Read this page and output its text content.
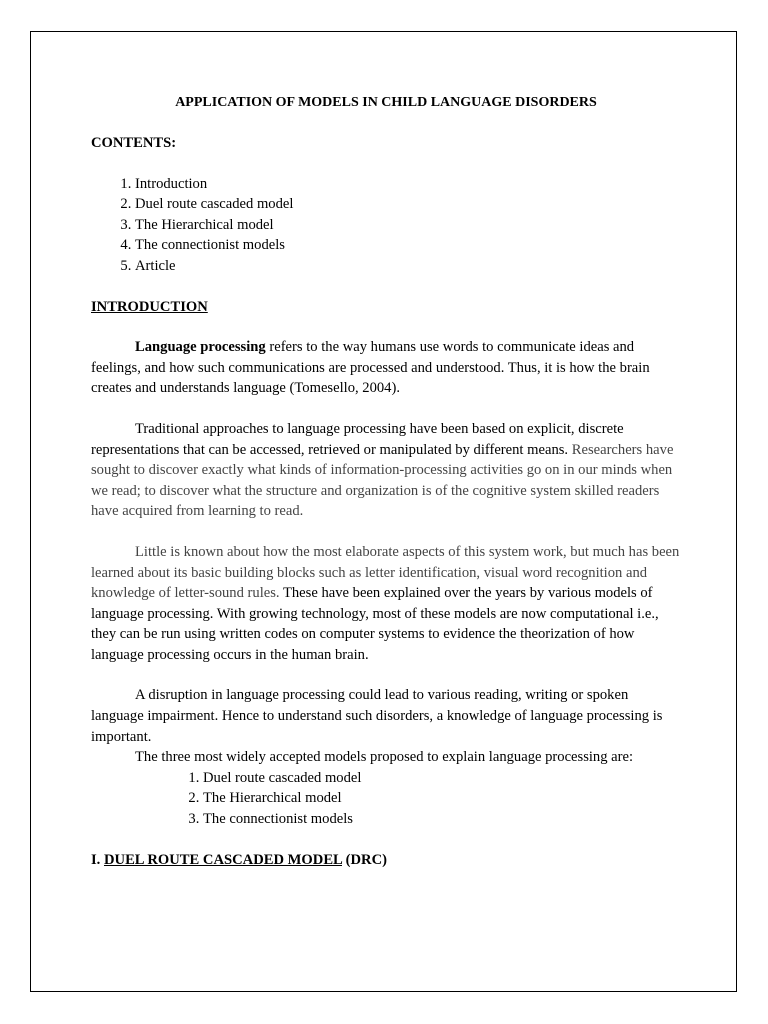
APPLICATION OF MODELS IN CHILD LANGUAGE DISORDERS
CONTENTS:
1. Introduction
2. Duel route cascaded model
3. The Hierarchical model
4. The connectionist models
5. Article
INTRODUCTION

Language processing refers to the way humans use words to communicate ideas and feelings, and how such communications are processed and understood. Thus, it is how the brain creates and understands language (Tomesello, 2004).

Traditional approaches to language processing have been based on explicit, discrete representations that can be accessed, retrieved or manipulated by different means. Researchers have sought to discover exactly what kinds of information-processing activities go on in our minds when we read; to discover what the structure and organization is of the cognitive system skilled readers have acquired from learning to read.

Little is known about how the most elaborate aspects of this system work, but much has been learned about its basic building blocks such as letter identification, visual word recognition and knowledge of letter-sound rules. These have been explained over the years by various models of language processing. With growing technology, most of these models are now computational i.e., they can be run using written codes on computer systems to evidence the theorization of how language processing occurs in the human brain.

A disruption in language processing could lead to various reading, writing or spoken language impairment. Hence to understand such disorders, a knowledge of language processing is important.

The three most widely accepted models proposed to explain language processing are:

1. Duel route cascaded model
2. The Hierarchical model
3. The connectionist models
I. DUEL ROUTE CASCADED MODEL (DRC)
